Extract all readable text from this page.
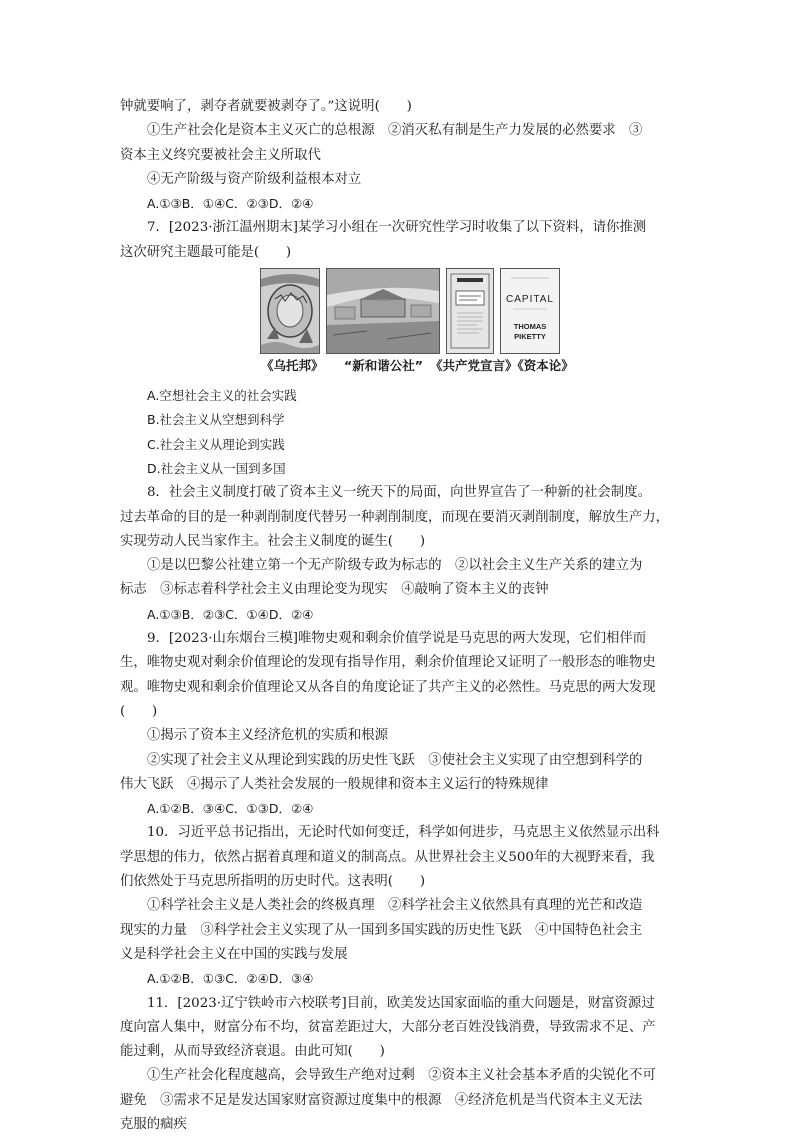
钟就要响了，剥夺者就要被剥夺了。”这说明(　　)
①生产社会化是资本主义灭亡的总根源　②消灭私有制是生产力发展的必然要求　③
资本主义终究要被社会主义所取代
④无产阶级与资产阶级利益根本对立
A.①③B．①④C．②③D．②④
7．[2023·浙江温州期末]某学习小组在一次研究性学习时收集了以下资料，请你推测
这次研究主题最可能是(　　)
CAPITAL
THOMAS
PIKETTY
《乌托邦》 “新和谐公社” 《共产党宣言》《资本论》
A.空想社会主义的社会实践
B.社会主义从空想到科学
C.社会主义从理论到实践
D.社会主义从一国到多国
8．社会主义制度打破了资本主义一统天下的局面，向世界宣告了一种新的社会制度。
过去革命的目的是一种剥削制度代替另一种剥削制度，而现在要消灭剥削制度，解放生产力，
实现劳动人民当家作主。社会主义制度的诞生(　　)
①是以巴黎公社建立第一个无产阶级专政为标志的　②以社会主义生产关系的建立为
标志　③标志着科学社会主义由理论变为现实　④敲响了资本主义的丧钟
A.①③B．②③C．①④D．②④
9．[2023·山东烟台三模]唯物史观和剩余价值学说是马克思的两大发现，它们相伴而
生，唯物史观对剩余价值理论的发现有指导作用，剩余价值理论又证明了一般形态的唯物史
观。唯物史观和剩余价值理论又从各自的角度论证了共产主义的必然性。马克思的两大发现
(　　)
①揭示了资本主义经济危机的实质和根源
②实现了社会主义从理论到实践的历史性飞跃　③使社会主义实现了由空想到科学的
伟大飞跃　④揭示了人类社会发展的一般规律和资本主义运行的特殊规律
A.①②B．③④C．①③D．②④
10．习近平总书记指出，无论时代如何变迁，科学如何进步，马克思主义依然显示出科
学思想的伟力，依然占据着真理和道义的制高点。从世界社会主义500年的大视野来看，我
们依然处于马克思所指明的历史时代。这表明(　　)
①科学社会主义是人类社会的终极真理　②科学社会主义依然具有真理的光芒和改造
现实的力量　③科学社会主义实现了从一国到多国实践的历史性飞跃　④中国特色社会主
义是科学社会主义在中国的实践与发展
A.①②B．①③C．②④D．③④
11．[2023·辽宁铁岭市六校联考]目前，欧美发达国家面临的重大问题是，财富资源过
度向富人集中，财富分布不均，贫富差距过大，大部分老百姓没钱消费，导致需求不足、产
能过剩，从而导致经济衰退。由此可知(　　)
①生产社会化程度越高，会导致生产绝对过剩　②资本主义社会基本矛盾的尖锐化不可
避免　③需求不足是发达国家财富资源过度集中的根源　④经济危机是当代资本主义无法
克服的痼疾
